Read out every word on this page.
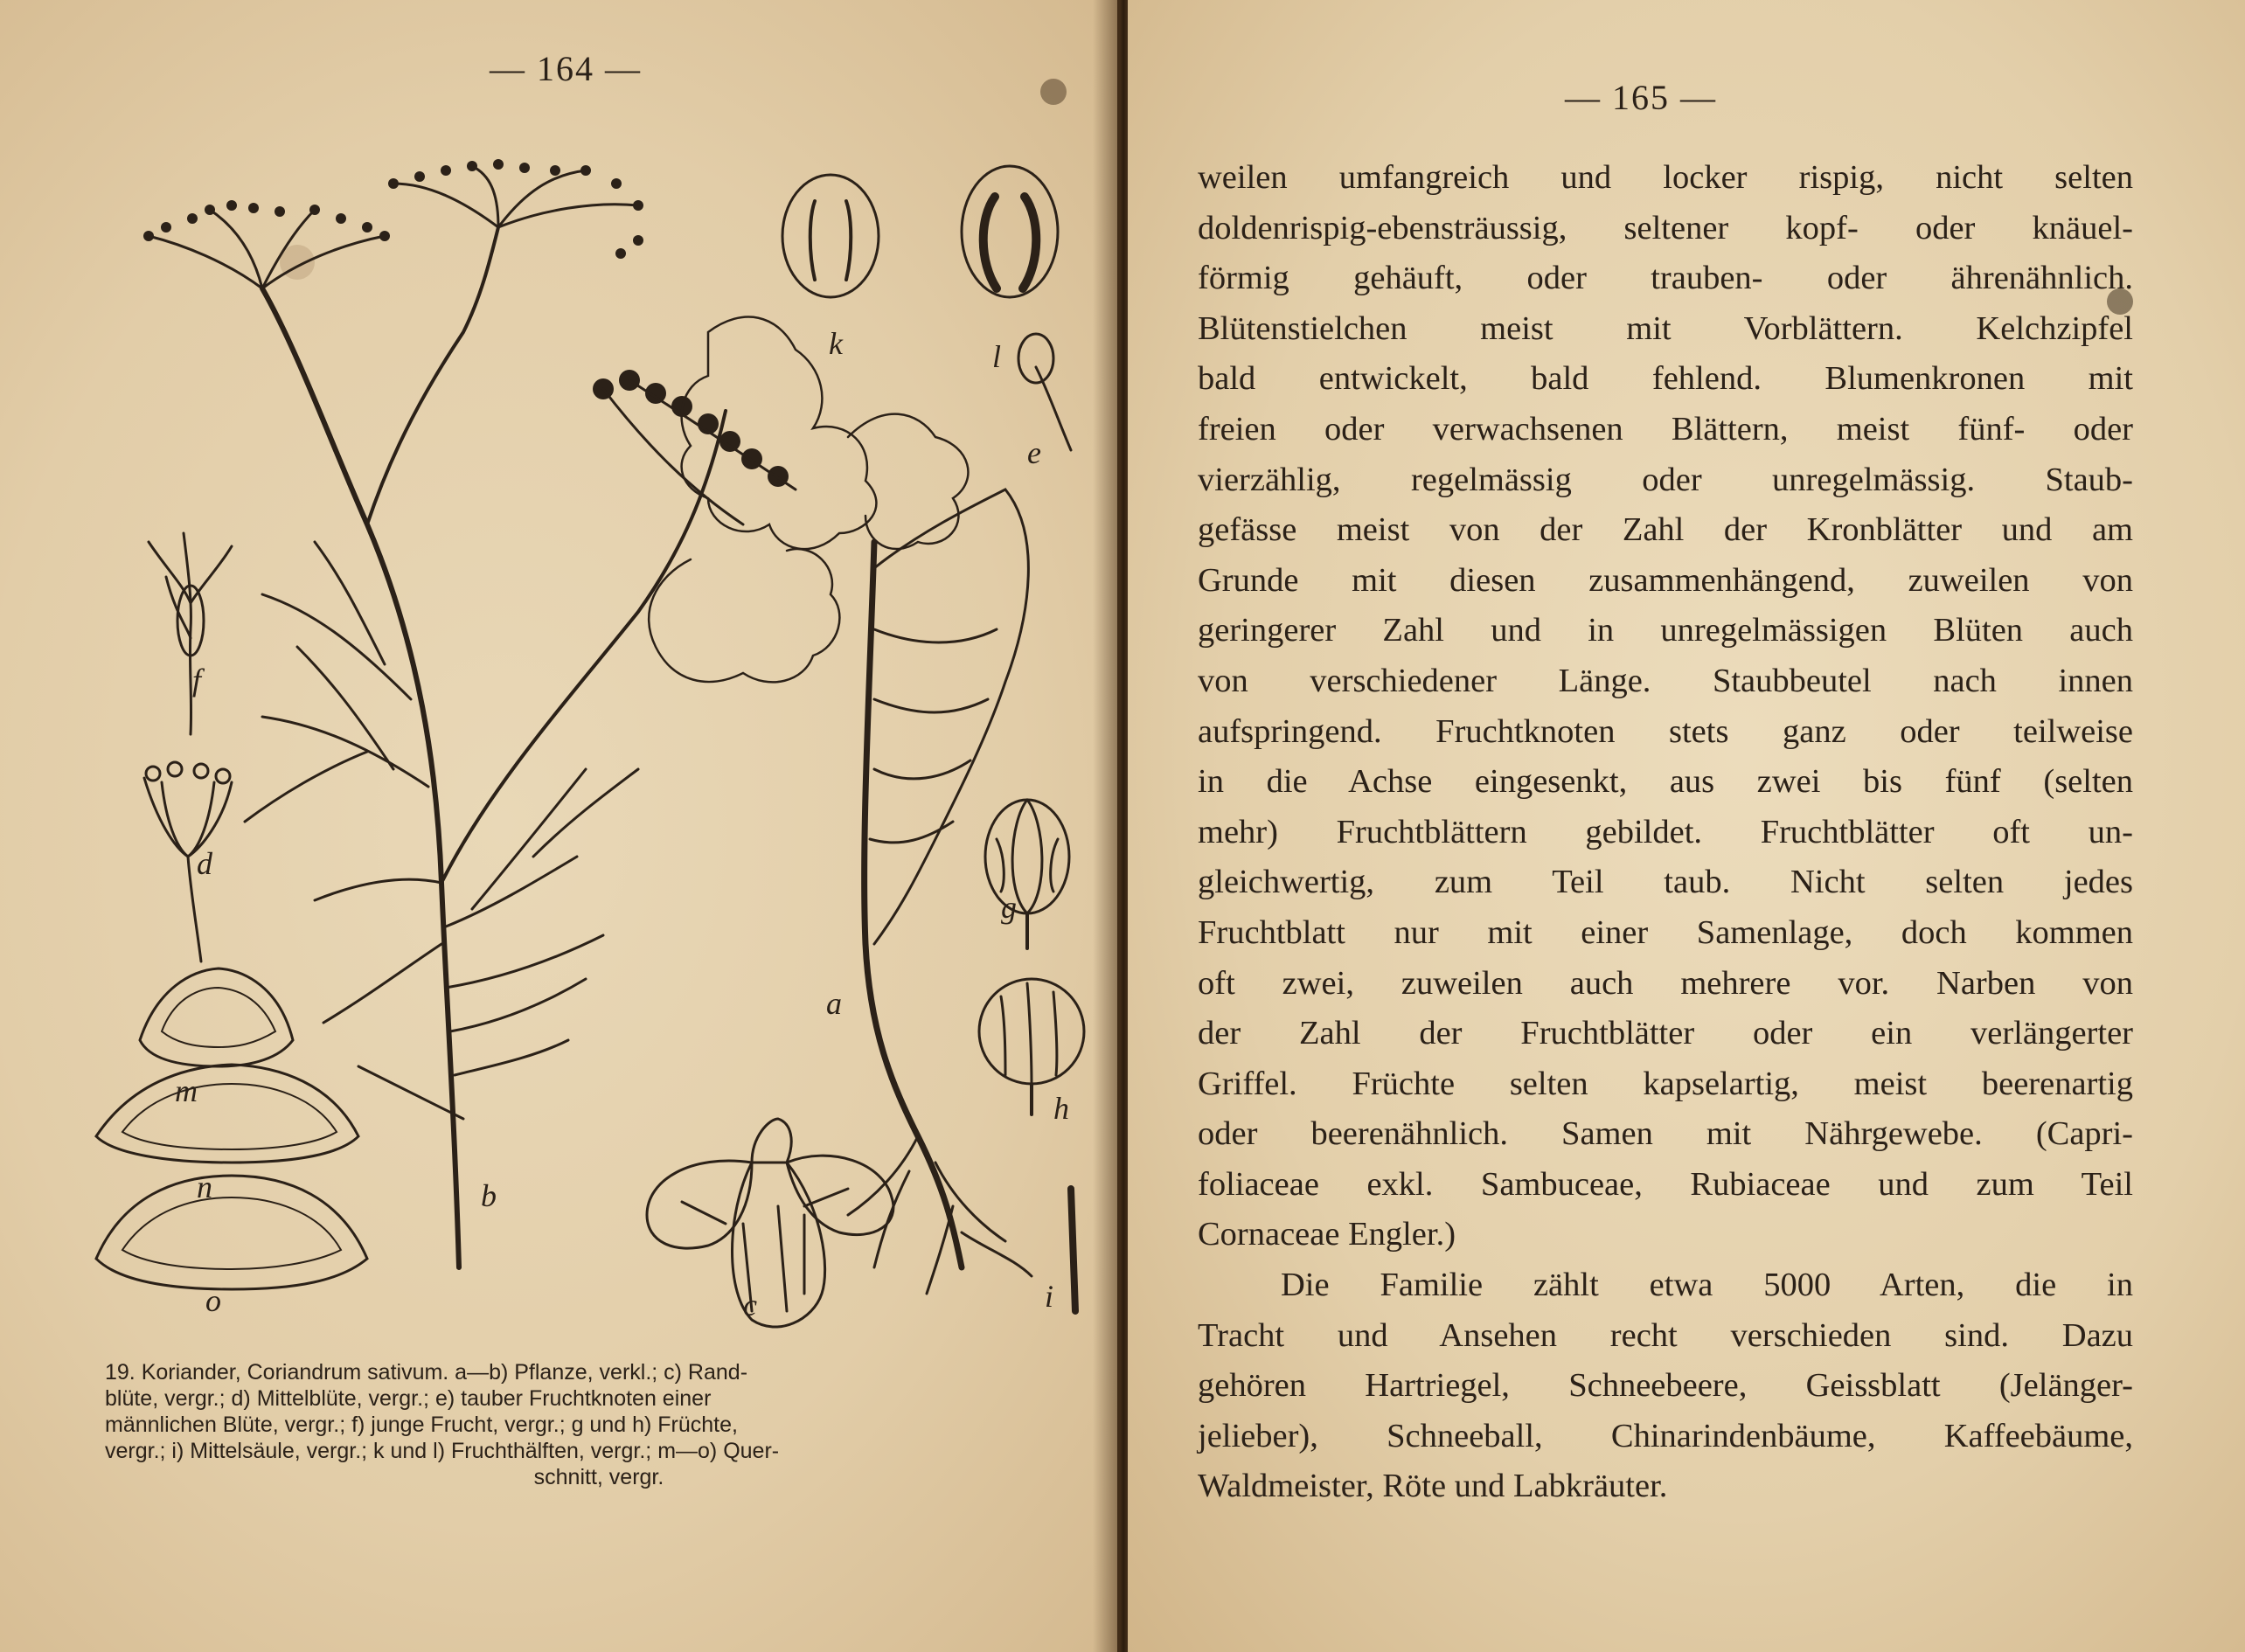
— 164 —
k	l
e
f
d
g
a
h
m
n	b
o	c	i
19. Koriander, Coriandrum sativum. a—b) Pflanze, verkl.; c) Rand-
blüte, vergr.; d) Mittelblüte, vergr.; e) tauber Fruchtknoten einer
männlichen Blüte, vergr.; f) junge Frucht, vergr.; g und h) Früchte,
vergr.; i) Mittelsäule, vergr.; k und l) Fruchthälften, vergr.; m—o) Quer-
schnitt, vergr.
— 165 —
weilen umfangreich und locker rispig, nicht selten
doldenrispig-ebensträussig, seltener kopf- oder knäuel-
förmig gehäuft, oder trauben- oder ährenähnlich.
Blütenstielchen meist mit Vorblättern. Kelchzipfel
bald entwickelt, bald fehlend. Blumenkronen mit
freien oder verwachsenen Blättern, meist fünf- oder
vierzählig, regelmässig oder unregelmässig. Staub-
gefässe meist von der Zahl der Kronblätter und am
Grunde mit diesen zusammenhängend, zuweilen von
geringerer Zahl und in unregelmässigen Blüten auch
von verschiedener Länge. Staubbeutel nach innen
aufspringend. Fruchtknoten stets ganz oder teilweise
in die Achse eingesenkt, aus zwei bis fünf (selten
mehr) Fruchtblättern gebildet. Fruchtblätter oft un-
gleichwertig, zum Teil taub. Nicht selten jedes
Fruchtblatt nur mit einer Samenlage, doch kommen
oft zwei, zuweilen auch mehrere vor. Narben von
der Zahl der Fruchtblätter oder ein verlängerter
Griffel. Früchte selten kapselartig, meist beerenartig
oder beerenähnlich. Samen mit Nährgewebe. (Capri-
foliaceae exkl. Sambuceae, Rubiaceae und zum Teil
Cornaceae Engler.)
Die Familie zählt etwa 5000 Arten, die in
Tracht und Ansehen recht verschieden sind. Dazu
gehören Hartriegel, Schneebeere, Geissblatt (Jelänger-
jelieber), Schneeball, Chinarindenbäume, Kaffeebäume,
Waldmeister, Röte und Labkräuter.
